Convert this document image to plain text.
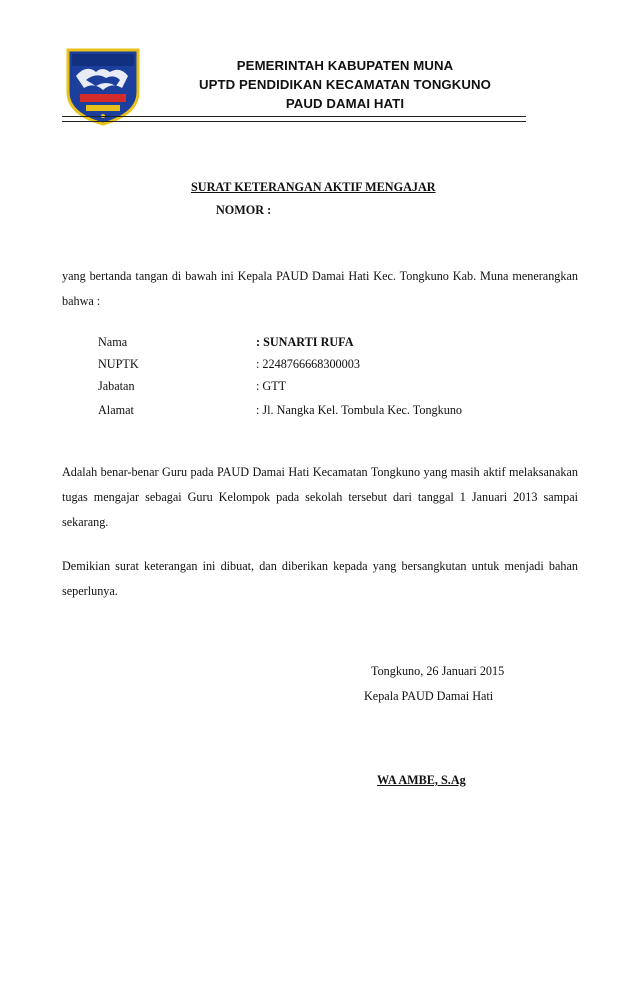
PEMERINTAH KABUPATEN MUNA
UPTD PENDIDIKAN KECAMATAN TONGKUNO
PAUD DAMAI HATI
SURAT KETERANGAN AKTIF MENGAJAR
NOMOR :
yang bertanda tangan di bawah ini Kepala PAUD Damai Hati Kec. Tongkuno Kab. Muna menerangkan bahwa :
Nama	: SUNARTI RUFA
NUPTK	: 2248766668300003
Jabatan	: GTT
Alamat	: Jl. Nangka Kel. Tombula Kec. Tongkuno
Adalah benar-benar Guru pada PAUD Damai Hati Kecamatan Tongkuno yang masih aktif melaksanakan tugas mengajar sebagai Guru Kelompok pada sekolah tersebut dari tanggal 1 Januari 2013 sampai sekarang.
Demikian surat keterangan ini dibuat, dan diberikan kepada yang bersangkutan untuk menjadi bahan seperlunya.
Tongkuno, 26 Januari 2015
Kepala PAUD Damai Hati
WA AMBE, S.Ag
